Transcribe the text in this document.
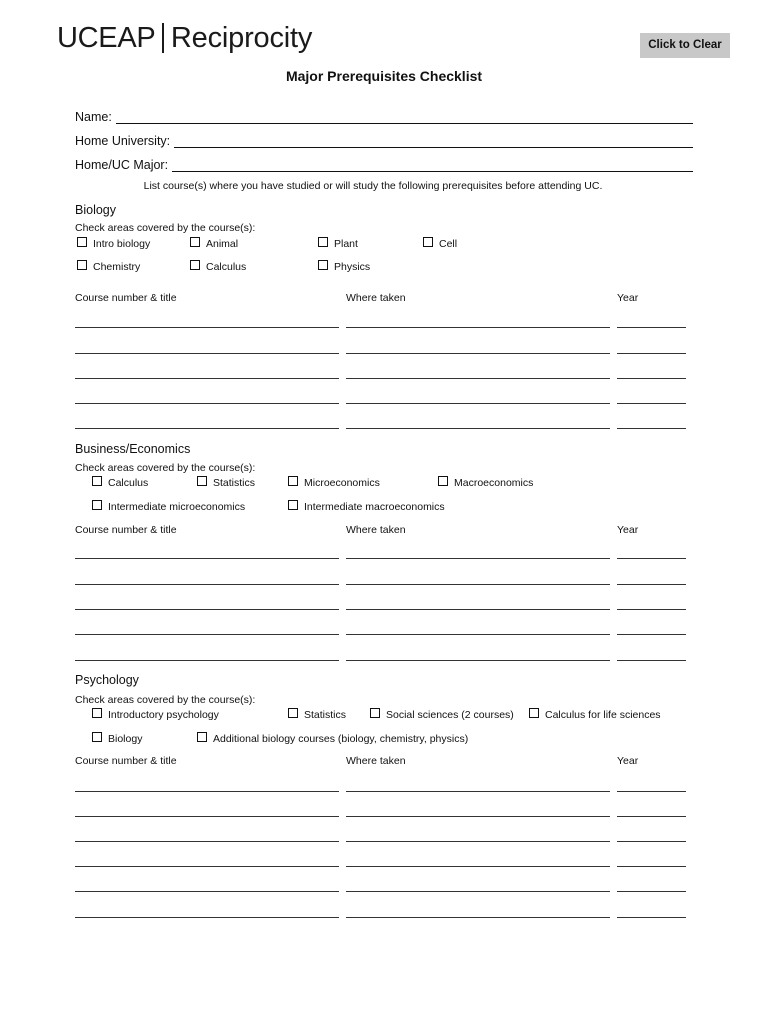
UCEAP Reciprocity	Click to Clear
Major Prerequisites Checklist
Name:
Home University:
Home/UC Major:
List course(s) where you have studied or will study the following prerequisites before attending UC.
Biology
Check areas covered by the course(s):
Intro biology	Animal	Plant	Cell
Chemistry	Calculus	Physics
Course number & title	Where taken	Year
Business/Economics
Check areas covered by the course(s):
Calculus	Statistics	Microeconomics	Macroeconomics
Intermediate microeconomics	Intermediate macroeconomics
Course number & title	Where taken	Year
Psychology
Check areas covered by the course(s):
Introductory psychology	Statistics	Social sciences (2 courses)	Calculus for life sciences
Biology	Additional biology courses (biology, chemistry, physics)
Course number & title	Where taken	Year
